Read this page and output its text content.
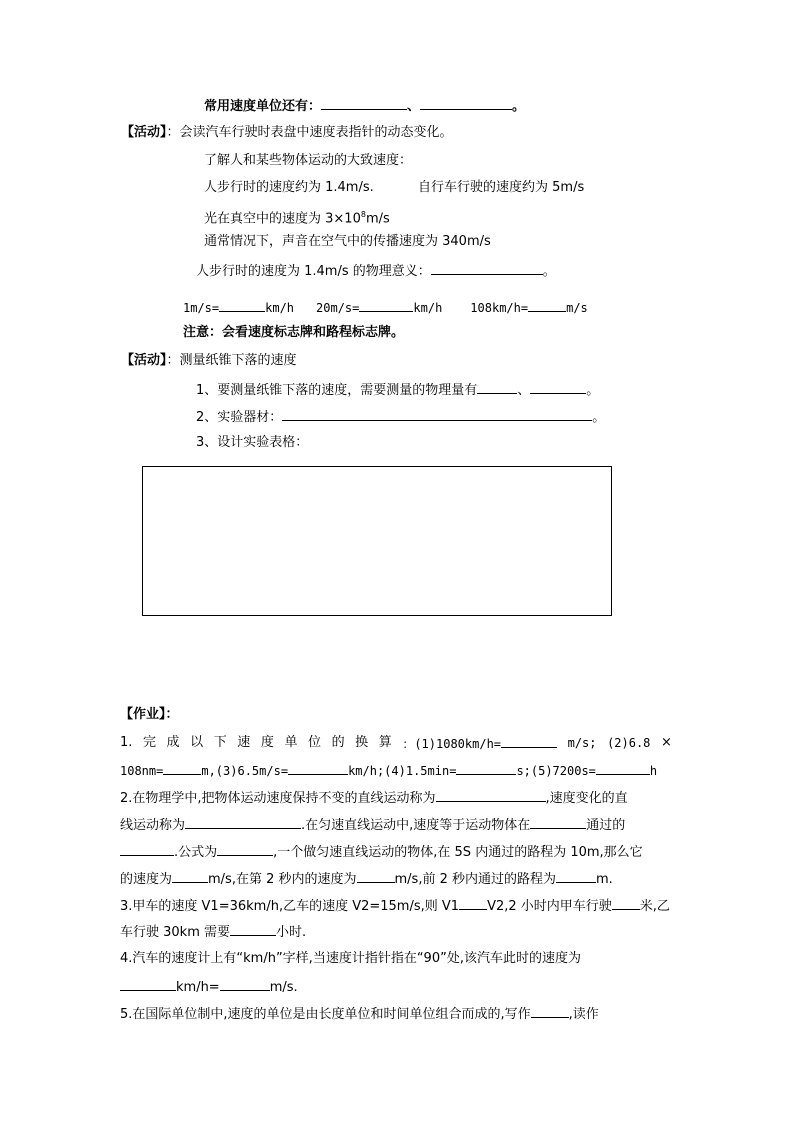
常用速度单位还有：	、	。
【活动】：会读汽车行驶时表盘中速度表指针的动态变化。
了解人和某些物体运动的大致速度：
人步行时的速度约为 1.4m/s.	自行车行驶的速度约为 5m/s
光在真空中的速度为 $3\times 10^8m/s$
通常情况下，声音在空气中的传播速度为 340m/s
人步行时的速度为 1.4m/s 的物理意义：	。
1m/s=	km/h 20m/s=	km/h 108km/h=	m/s
注意：会看速度标志牌和路程标志牌。
【活动】：测量纸锥下落的速度
1、要测量纸锥下落的速度，需要测量的物理量有	、	。
2、实验器材：	。
3、设计实验表格：
【作业】：
1. 完 成 以 下 速 度 单 位 的 换 算 ：(1)1080km/h=	m/s; (2)6.8 ×
108nm=	m,(3)6.5m/s=	km/h;(4)1.5min=	s;(5)7200s=	h
2.在物理学中,把物体运动速度保持不变的直线运动称为	,速度变化的直
线运动称为	.在匀速直线运动中,速度等于运动物体在	通过的
.公式为	,一个做匀速直线运动的物体,在 5S 内通过的路程为 10m,那么它
的速度为	m/s,在第 2 秒内的速度为	m/s,前 2 秒内通过的路程为	m.
3.甲车的速度 V1=36km/h,乙车的速度 V2=15m/s,则 V1 V2,2 小时内甲车行驶 米,乙
车行驶 30km 需要	小时.
4.汽车的速度计上有“km/h”字样,当速度计指针指在“90”处,该汽车此时的速度为
km/h=	m/s.
5.在国际单位制中,速度的单位是由长度单位和时间单位组合而成的,写作	,读作
